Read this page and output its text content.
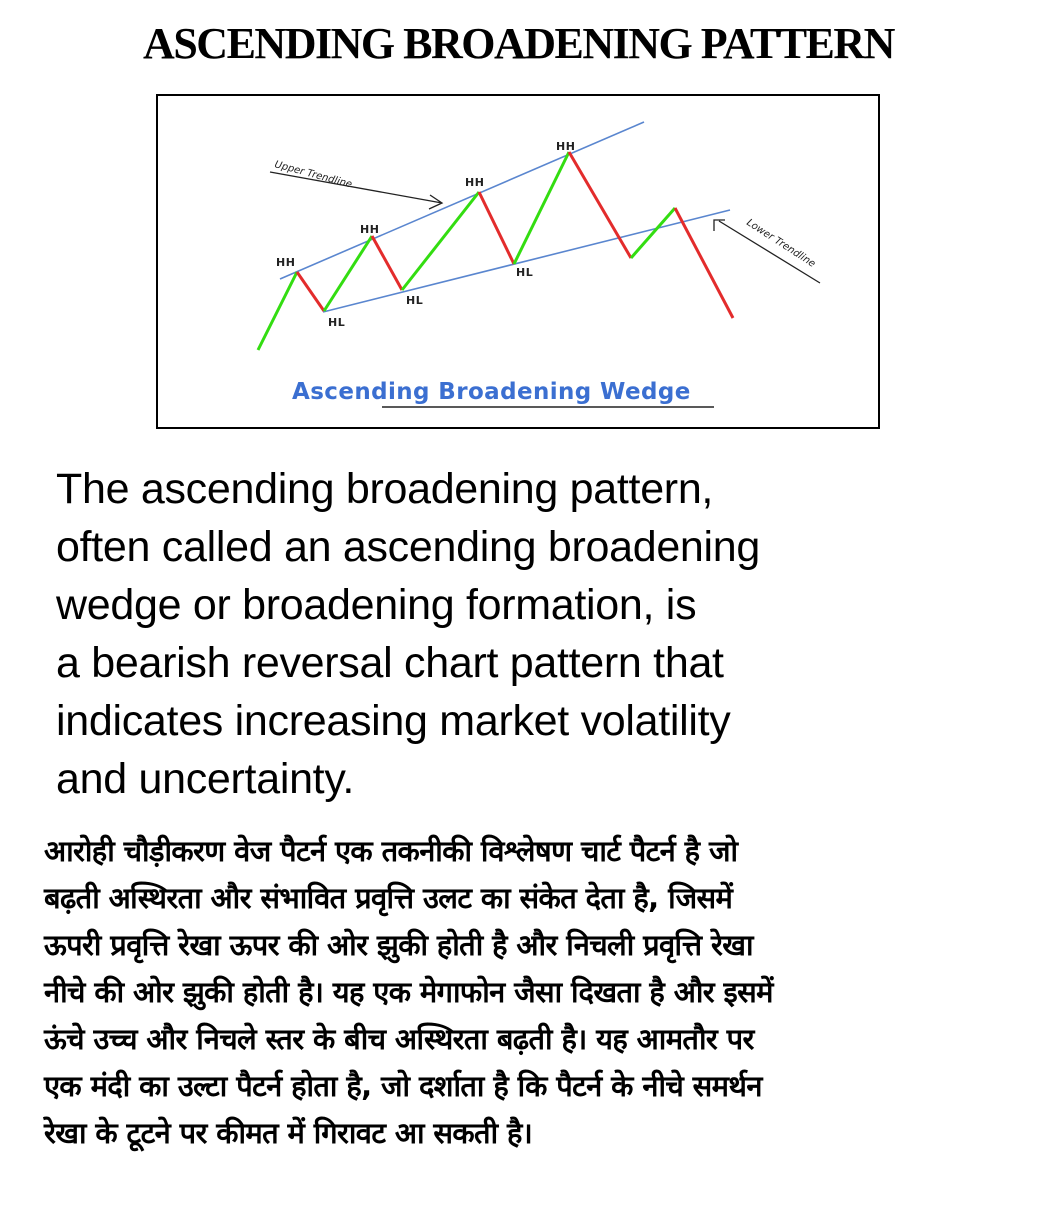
ASCENDING BROADENING PATTERN
HH
HL
HH
HL
HH
HL
HH
Upper Trendline
Lower Trendline
Ascending Broadening Wedge
The ascending broadening pattern,
often called an ascending broadening
wedge or broadening formation, is
a bearish reversal chart pattern that
indicates increasing market volatility
and uncertainty.
आरोही चौड़ीकरण वेज पैटर्न एक तकनीकी विश्लेषण चार्ट पैटर्न है जो
बढ़ती अस्थिरता और संभावित प्रवृत्ति उलट का संकेत देता है, जिसमें
ऊपरी प्रवृत्ति रेखा ऊपर की ओर झुकी होती है और निचली प्रवृत्ति रेखा
नीचे की ओर झुकी होती है। यह एक मेगाफोन जैसा दिखता है और इसमें
ऊंचे उच्च और निचले स्तर के बीच अस्थिरता बढ़ती है। यह आमतौर पर
एक मंदी का उल्टा पैटर्न होता है, जो दर्शाता है कि पैटर्न के नीचे समर्थन
रेखा के टूटने पर कीमत में गिरावट आ सकती है।
